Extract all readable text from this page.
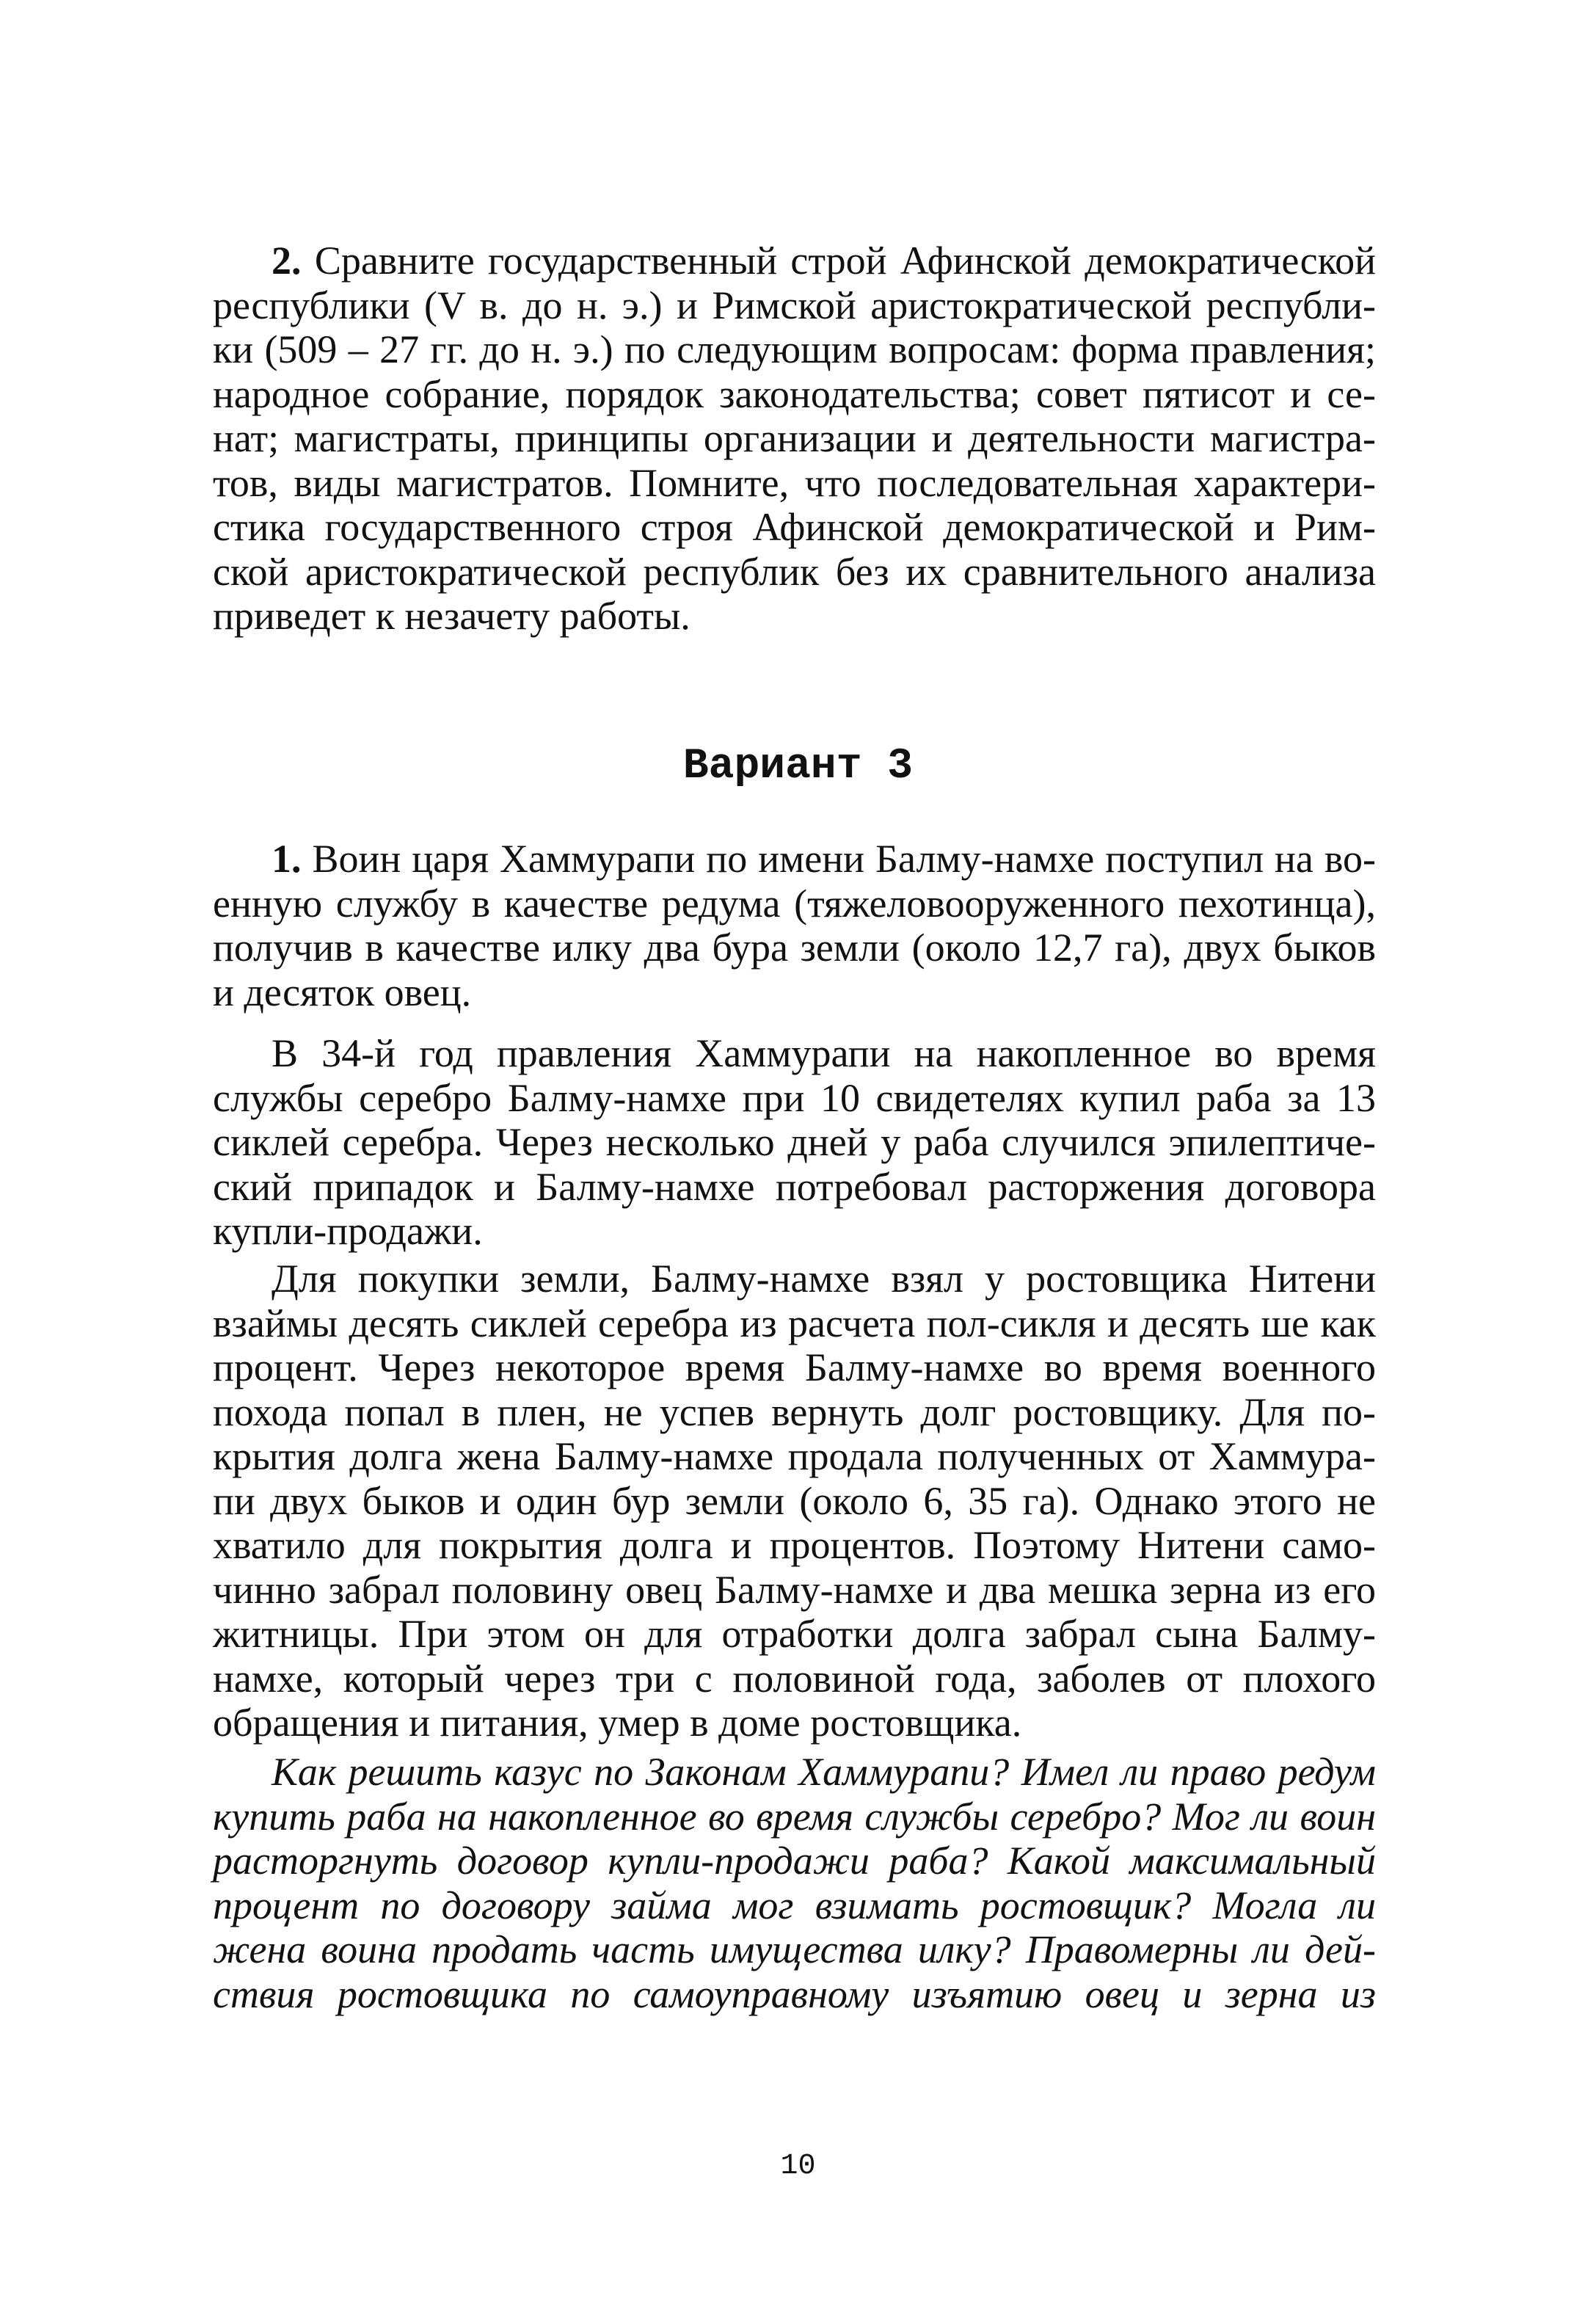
2. Сравните государственный строй Афинской демократической
республики (V в. до н. э.) и Римской аристократической республи-
ки (509 – 27 гг. до н. э.) по следующим вопросам: форма правления;
народное собрание, порядок законодательства; совет пятисот и се-
нат; магистраты, принципы организации и деятельности магистра-
тов, виды магистратов. Помните, что последовательная характери-
стика государственного строя Афинской демократической и Рим-
ской аристократической республик без их сравнительного анализа
приведет к незачету работы.
Вариант 3
1. Воин царя Хаммурапи по имени Балму-намхе поступил на во-
енную службу в качестве редума (тяжеловооруженного пехотинца),
получив в качестве илку два бура земли (около 12,7 га), двух быков
и десяток овец.
В 34-й год правления Хаммурапи на накопленное во время
службы серебро Балму-намхе при 10 свидетелях купил раба за 13
сиклей серебра. Через несколько дней у раба случился эпилептиче-
ский припадок и Балму-намхе потребовал расторжения договора
купли-продажи.
Для покупки земли, Балму-намхе взял у ростовщика Нитени
взаймы десять сиклей серебра из расчета пол-сикля и десять ше как
процент. Через некоторое время Балму-намхе во время военного
похода попал в плен, не успев вернуть долг ростовщику. Для по-
крытия долга жена Балму-намхе продала полученных от Хаммура-
пи двух быков и один бур земли (около 6, 35 га). Однако этого не
хватило для покрытия долга и процентов. Поэтому Нитени само-
чинно забрал половину овец Балму-намхе и два мешка зерна из его
житницы. При этом он для отработки долга забрал сына Балму-
намхе, который через три с половиной года, заболев от плохого
обращения и питания, умер в доме ростовщика.
Как решить казус по Законам Хаммурапи? Имел ли право редум
купить раба на накопленное во время службы серебро? Мог ли воин
расторгнуть договор купли-продажи раба? Какой максимальный
процент по договору займа мог взимать ростовщик? Могла ли
жена воина продать часть имущества илку? Правомерны ли дей-
ствия ростовщика по самоуправному изъятию овец и зерна из
10
